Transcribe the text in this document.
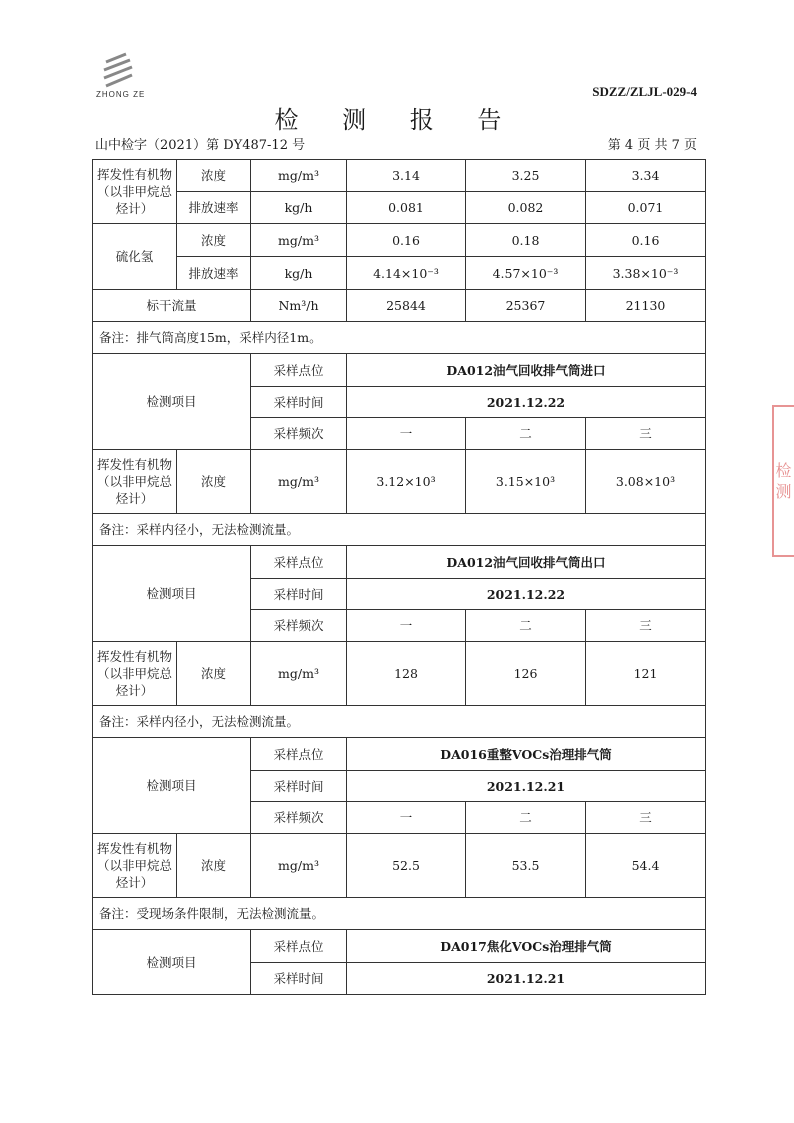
ZHONG ZE	SDZZ/ZLJL-029-4
检 测 报 告
山中检字（2021）第 DY487-12 号	第 4 页 共 7 页
检 测
挥发性有机物（以非甲烷总烃计）	浓度	mg/m³	3.14	3.25	3.34
	排放速率	kg/h	0.081	0.082	0.071
硫化氢	浓度	mg/m³	0.16	0.18	0.16
	排放速率	kg/h	4.14×10⁻³	4.57×10⁻³	3.38×10⁻³
标干流量		Nm³/h	25844	25367	21130
备注：排气筒高度15m，采样内径1m。					
检测项目		采样点位	DA012油气回收排气筒进口		
		采样时间	2021.12.22		
		采样频次	一	二	三
挥发性有机物（以非甲烷总烃计）	浓度	mg/m³	3.12×10³	3.15×10³	3.08×10³
备注：采样内径小，无法检测流量。					
检测项目		采样点位	DA012油气回收排气筒出口		
		采样时间	2021.12.22		
		采样频次	一	二	三
挥发性有机物（以非甲烷总烃计）	浓度	mg/m³	128	126	121
备注：采样内径小，无法检测流量。					
检测项目		采样点位	DA016重整VOCs治理排气筒		
		采样时间	2021.12.21		
		采样频次	一	二	三
挥发性有机物（以非甲烷总烃计）	浓度	mg/m³	52.5	53.5	54.4
备注：受现场条件限制，无法检测流量。					
检测项目		采样点位	DA017焦化VOCs治理排气筒		
		采样时间	2021.12.21		
